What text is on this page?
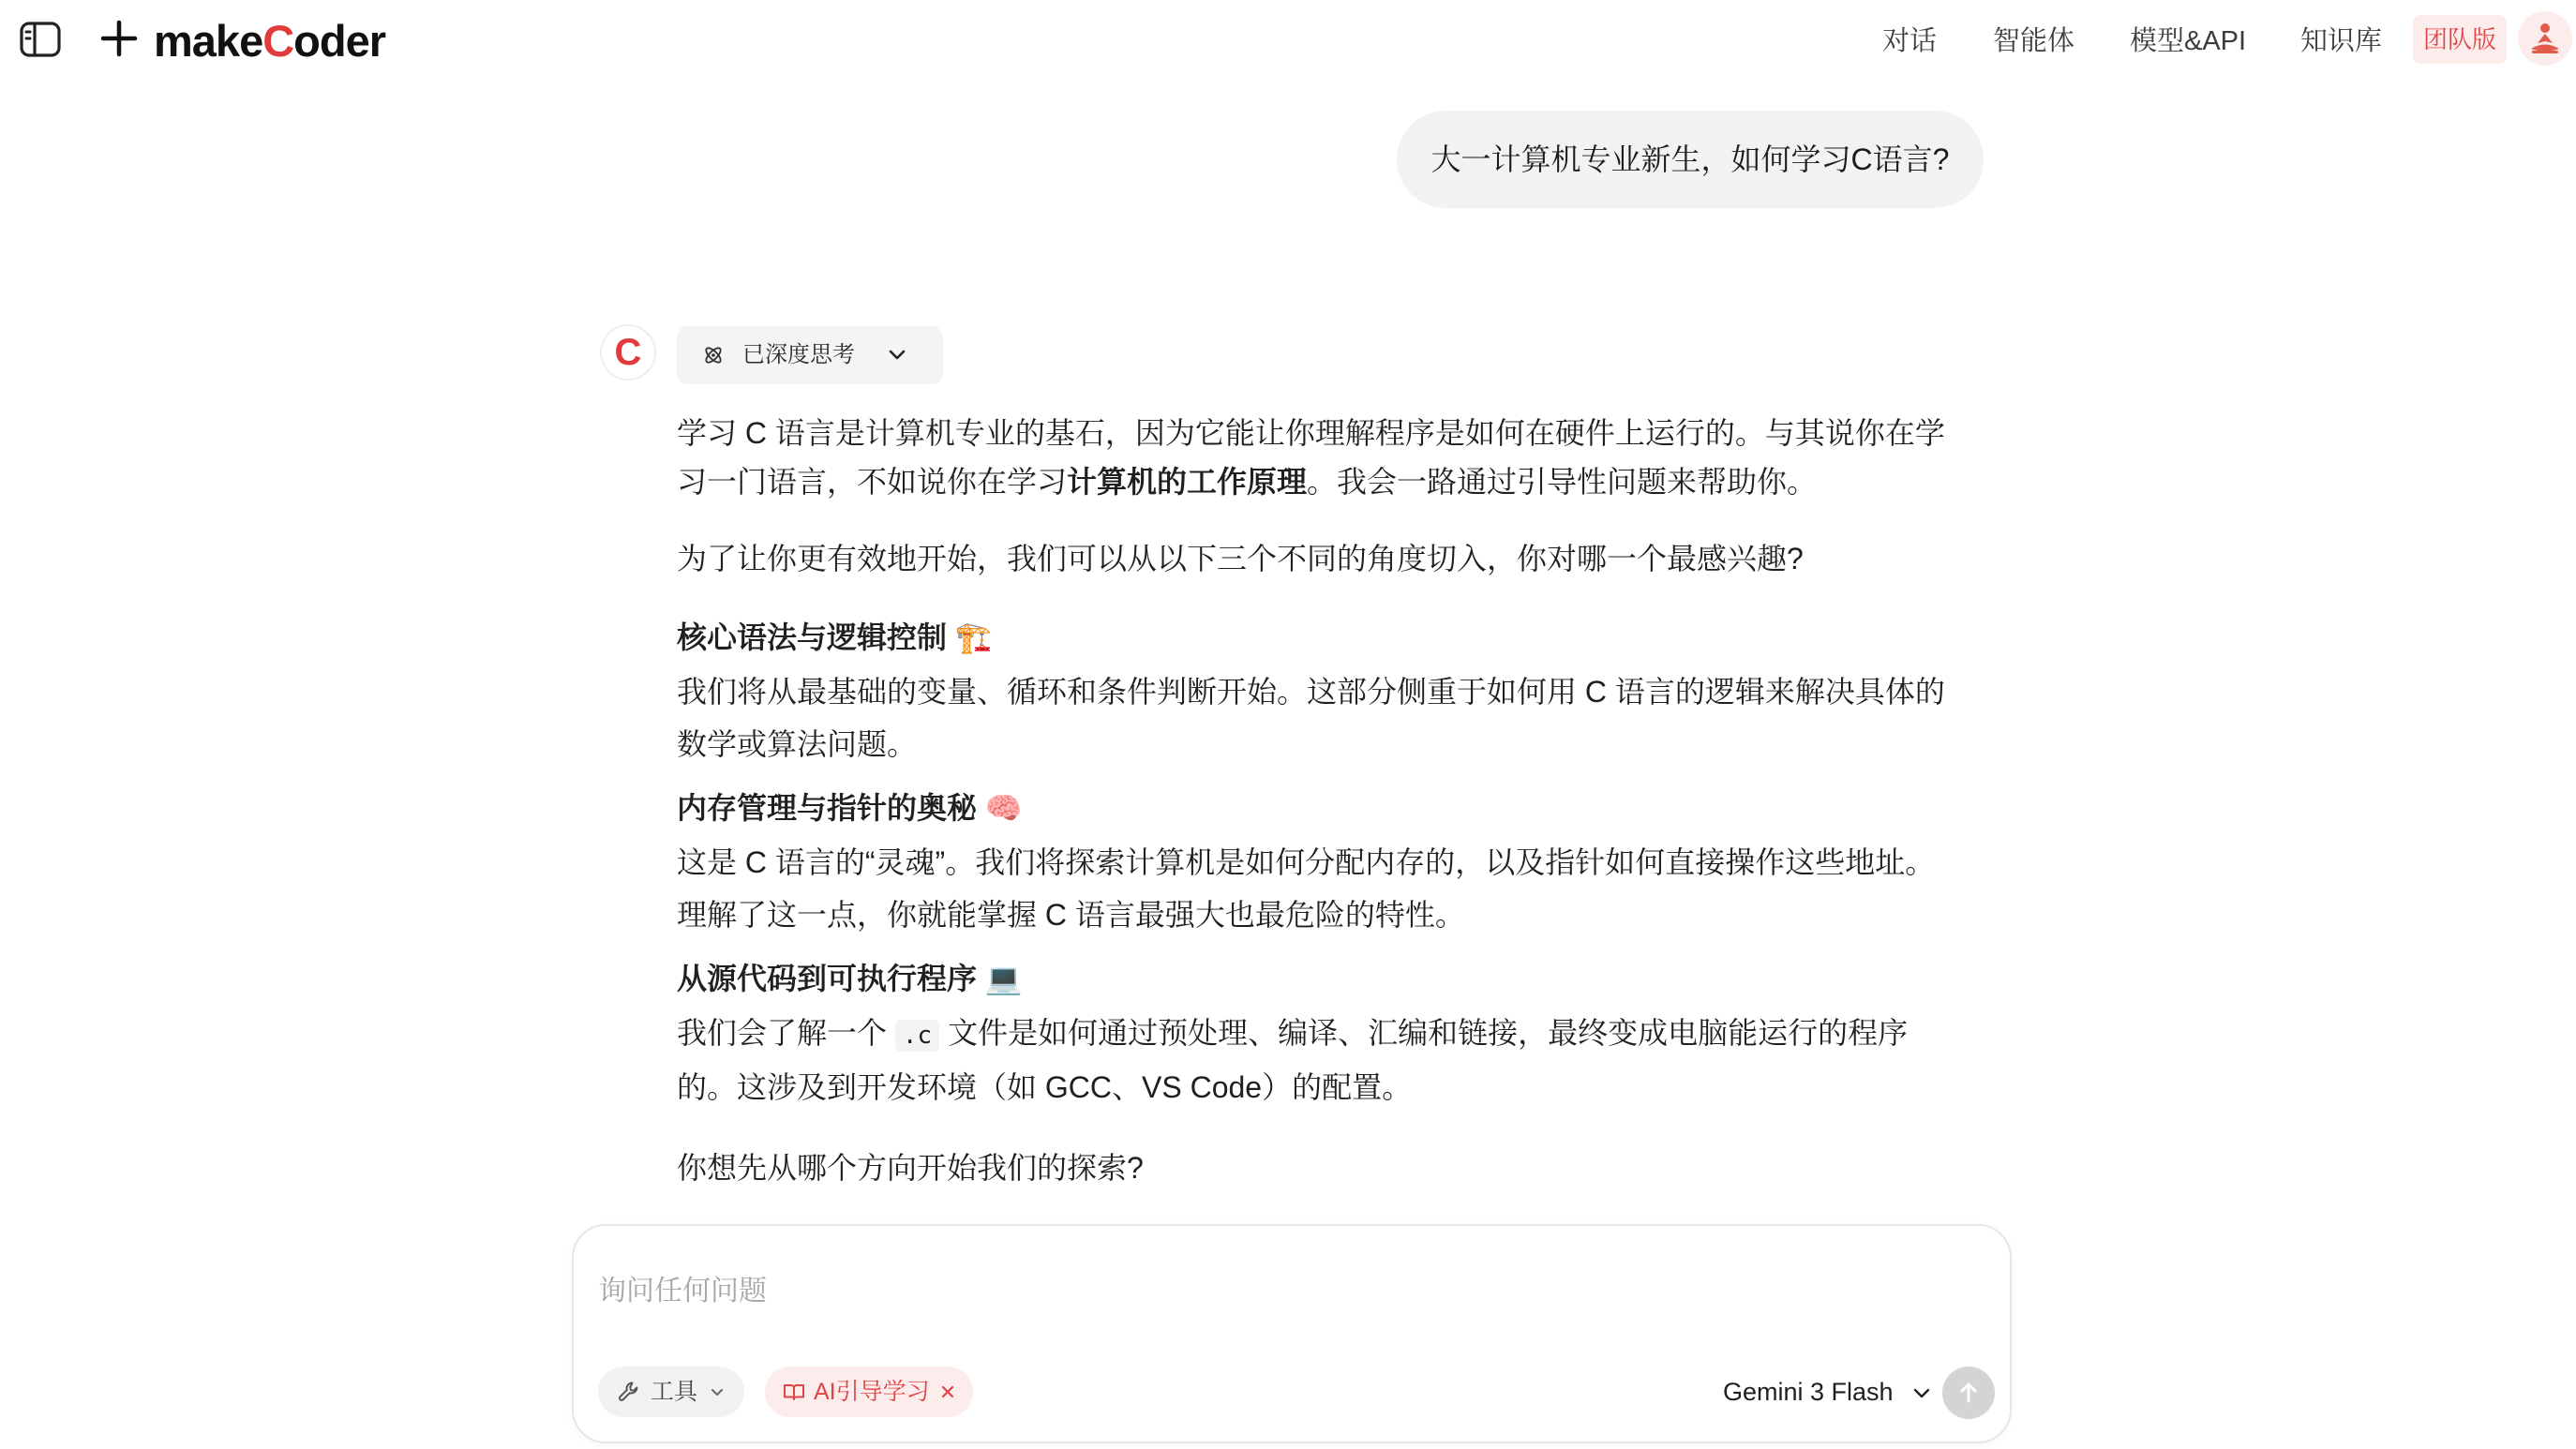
makeCoder	对话 智能体 模型&API 知识库	团队版
大一计算机专业新生，如何学习C语言?
C	已深度思考
学习 C 语言是计算机专业的基石，因为它能让你理解程序是如何在硬件上运行的。与其说你在学
习一门语言，不如说你在学习计算机的工作原理。我会一路通过引导性问题来帮助你。
为了让你更有效地开始，我们可以从以下三个不同的角度切入，你对哪一个最感兴趣?
核心语法与逻辑控制 🏗️
我们将从最基础的变量、循环和条件判断开始。这部分侧重于如何用 C 语言的逻辑来解决具体的
数学或算法问题。
内存管理与指针的奥秘 🧠
这是 C 语言的“灵魂”。我们将探索计算机是如何分配内存的，以及指针如何直接操作这些地址。
理解了这一点，你就能掌握 C 语言最强大也最危险的特性。
从源代码到可执行程序 💻
我们会了解一个 .c 文件是如何通过预处理、编译、汇编和链接，最终变成电脑能运行的程序
的。这涉及到开发环境（如 GCC、VS Code）的配置。
你想先从哪个方向开始我们的探索?
询问任何问题
工具	AI引导学习	Gemini 3 Flash
